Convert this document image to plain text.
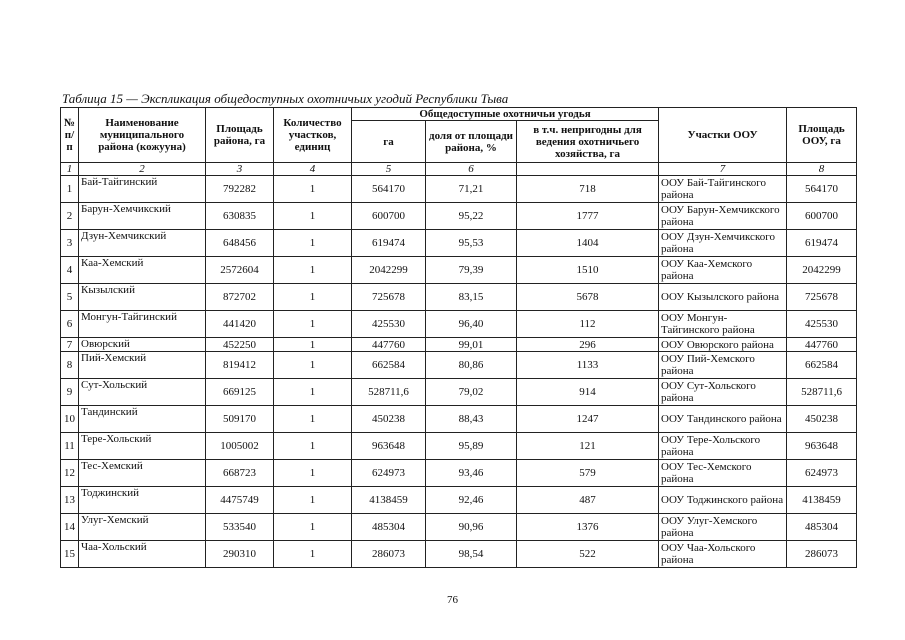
Таблица 15 — Экспликация общедоступных охотничьих угодий Республики Тыва
№ п/п	Наименование муниципального района (кожууна)	Площадь района, га	Количество участков, единиц	Общедоступные охотничьи угодья			Участки ООУ	Площадь ООУ, га
				га	доля от площади района, %	в т.ч. непригодны для ведения охотничьего хозяйства, га		
1	2	3	4	5	6		7	8
1	Бай-Тайгинский	792282	1	564170	71,21	718	ООУ Бай-Тайгинского района	564170
2	Барун-Хемчикский	630835	1	600700	95,22	1777	ООУ Барун-Хемчикского района	600700
3	Дзун-Хемчикский	648456	1	619474	95,53	1404	ООУ Дзун-Хемчикского района	619474
4	Каа-Хемский	2572604	1	2042299	79,39	1510	ООУ Каа-Хемского района	2042299
5	Кызылский	872702	1	725678	83,15	5678	ООУ Кызылского района	725678
6	Монгун-Тайгинский	441420	1	425530	96,40	112	ООУ Монгун-Тайгинского района	425530
7	Овюрский	452250	1	447760	99,01	296	ООУ Овюрского района	447760
8	Пий-Хемский	819412	1	662584	80,86	1133	ООУ Пий-Хемского района	662584
9	Сут-Хольский	669125	1	528711,6	79,02	914	ООУ Сут-Хольского района	528711,6
10	Тандинский	509170	1	450238	88,43	1247	ООУ Тандинского района	450238
11	Тере-Хольский	1005002	1	963648	95,89	121	ООУ Тере-Хольского района	963648
12	Тес-Хемский	668723	1	624973	93,46	579	ООУ Тес-Хемского района	624973
13	Тоджинский	4475749	1	4138459	92,46	487	ООУ Тоджинского района	4138459
14	Улуг-Хемский	533540	1	485304	90,96	1376	ООУ Улуг-Хемского района	485304
15	Чаа-Хольский	290310	1	286073	98,54	522	ООУ Чаа-Хольского района	286073
76
